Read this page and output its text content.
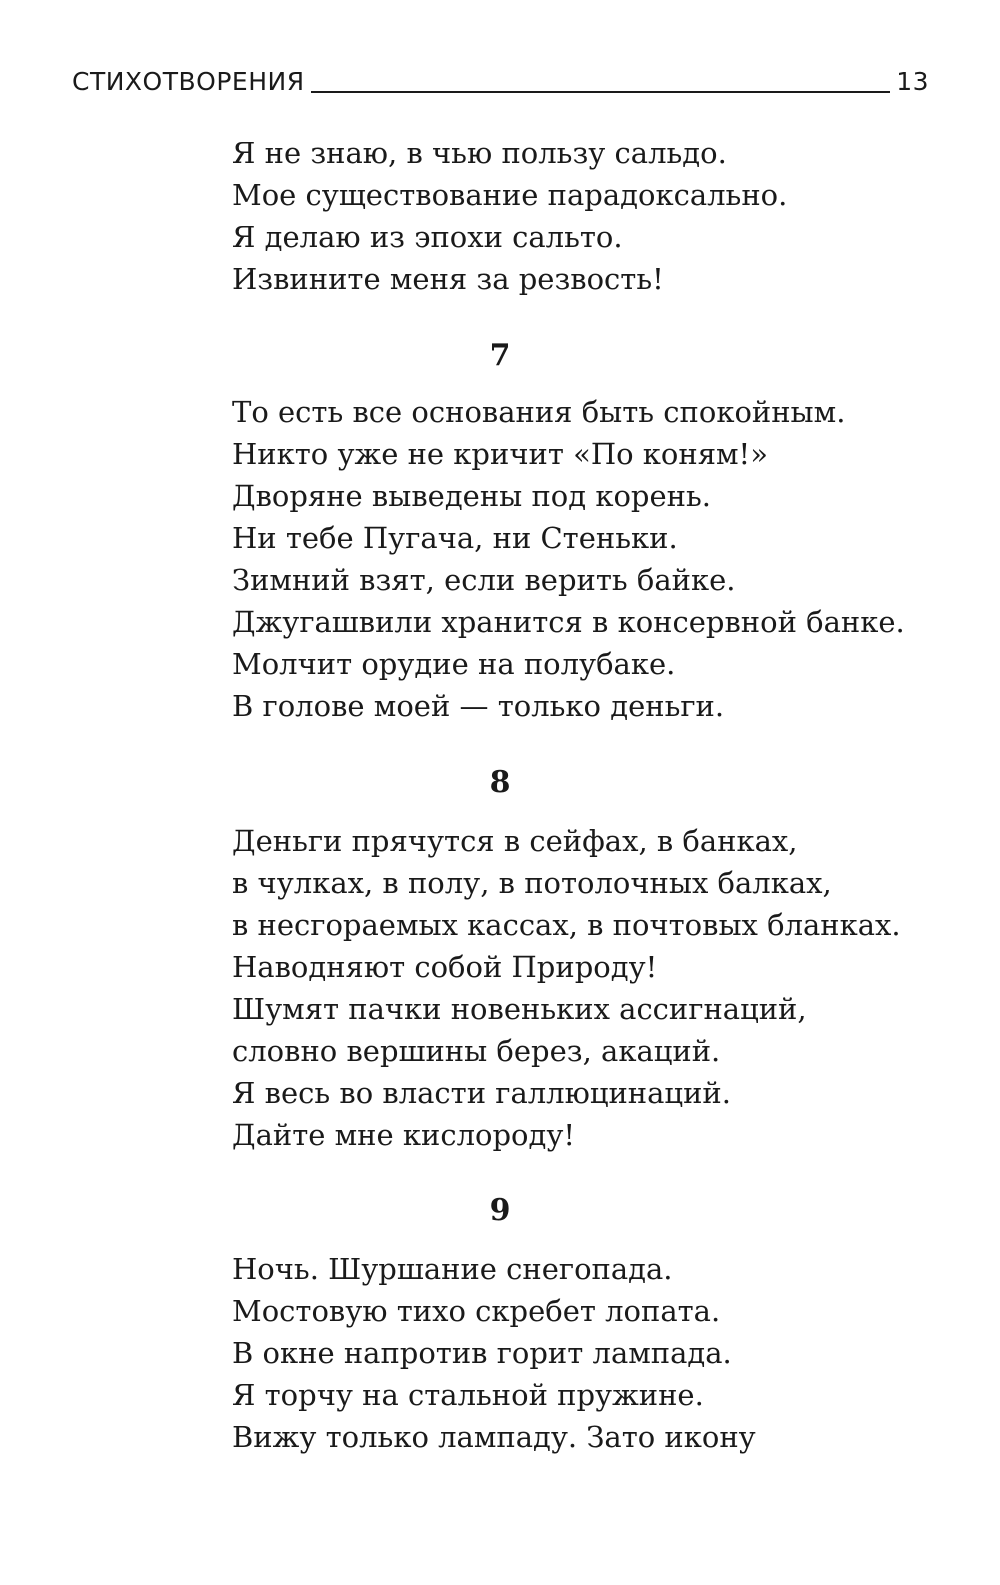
СТИХОТВОРЕНИЯ	13
Я не знаю, в чью пользу сальдо.
Мое существование парадоксально.
Я делаю из эпохи сальто.
Извините меня за резвость!
7
То есть все основания быть спокойным.
Никто уже не кричит «По коням!»
Дворяне выведены под корень.
Ни тебе Пугача, ни Стеньки.
Зимний взят, если верить байке.
Джугашвили хранится в консервной банке.
Молчит орудие на полубаке.
В голове моей — только деньги.
8
Деньги прячутся в сейфах, в банках,
в чулках, в полу, в потолочных балках,
в несгораемых кассах, в почтовых бланках.
Наводняют собой Природу!
Шумят пачки новеньких ассигнаций,
словно вершины берез, акаций.
Я весь во власти галлюцинаций.
Дайте мне кислороду!
9
Ночь. Шуршание снегопада.
Мостовую тихо скребет лопата.
В окне напротив горит лампада.
Я торчу на стальной пружине.
Вижу только лампаду. Зато икону
